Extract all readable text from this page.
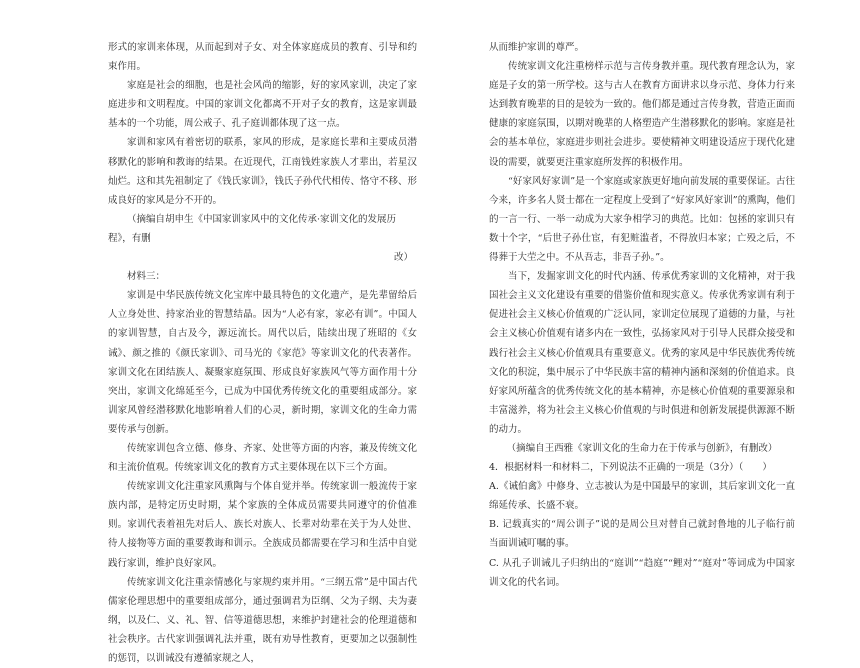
形式的家训来体现，从而起到对子女、对全体家庭成员的教育、引导和约束作用。

家庭是社会的细胞，也是社会风尚的缩影，好的家风家训，决定了家庭进步和文明程度。中国的家训文化都离不开对子女的教育，这是家训最基本的一个功能，周公戒子、孔子庭训都体现了这一点。

家训和家风有着密切的联系，家风的形成，是家庭长辈和主要成员潜移默化的影响和教诲的结果。在近现代，江南钱姓家族人才辈出，若星汉灿烂。这和其先祖制定了《钱氏家训》，钱氏子孙代代相传、恪守不移、形成良好的家风是分不开的。

（摘编自胡申生《中国家训家风中的文化传承·家训文化的发展历程》，有删

改）

材料三：

家训是中华民族传统文化宝库中最具特色的文化遗产，是先辈留给后人立身处世、持家治业的智慧结晶。因为“人必有家，家必有训”。中国人的家训智慧，自古及今，源远流长。周代以后，陆续出现了班昭的《女诫》、颜之推的《颜氏家训》、司马光的《家范》等家训文化的代表著作。家训文化在团结族人、凝聚家庭氛围、形成良好家族风气等方面作用十分突出，家训文化绵延至今，已成为中国优秀传统文化的重要组成部分。家训家风曾经潜移默化地影响着人们的心灵，新时期，家训文化的生命力需要传承与创新。

传统家训包含立德、修身、齐家、处世等方面的内容，兼及传统文化和主流价值观。传统家训文化的教育方式主要体现在以下三个方面。

传统家训文化注重家风熏陶与个体自觉并举。传统家训一般流传于家族内部，是特定历史时期，某个家族的全体成员需要共同遵守的价值准则。家训代表着祖先对后人、族长对族人、长辈对幼辈在关于为人处世、待人接物等方面的重要教诲和训示。全族成员都需要在学习和生活中自觉践行家训，维护良好家风。

传统家训文化注重亲情感化与家规约束并用。“三纲五常”是中国古代儒家伦理思想中的重要组成部分，通过强调君为臣纲、父为子纲、夫为妻纲，以及仁、义、礼、智、信等道德思想，来维护封建社会的伦理道德和社会秩序。古代家训强调礼法并重，既有劝导性教育，更要加之以强制性的惩罚，以训诫没有遵循家规之人，

从而维护家训的尊严。

传统家训文化注重榜样示范与言传身教并重。现代教育理念认为，家庭是子女的第一所学校。这与古人在教育方面讲求以身示范、身体力行来达到教育晚辈的目的是较为一致的。他们都是通过言传身教，营造正面而健康的家庭氛围，以期对晚辈的人格塑造产生潜移默化的影响。家庭是社会的基本单位，家庭进步则社会进步。要使精神文明建设适应于现代化建设的需要，就要更注重家庭所发挥的积极作用。

“好家风好家训”是一个家庭或家族更好地向前发展的重要保证。古往今来，许多名人贤士都在一定程度上受到了“好家风好家训”的熏陶，他们的一言一行、一举一动成为大家争相学习的典范。比如：包拯的家训只有数十个字，“后世子孙仕宦，有犯赃滥者，不得放归本家；亡殁之后，不得葬于大茔之中。不从吾志，非吾子孙。”。

当下，发掘家训文化的时代内涵、传承优秀家训的文化精神，对于我国社会主义文化建设有重要的借鉴价值和现实意义。传承优秀家训有利于促进社会主义核心价值观的广泛认同，家训定位展现了道德的力量，与社会主义核心价值观有诸多内在一致性，弘扬家风对于引导人民群众接受和践行社会主义核心价值观具有重要意义。优秀的家风是中华民族优秀传统文化的积淀，集中展示了中华民族丰富的精神内涵和深刻的价值追求。良好家风所蕴含的优秀传统文化的基本精神，亦是核心价值观的重要源泉和丰富滋养，将为社会主义核心价值观的与时俱进和创新发展提供源源不断的动力。

（摘编自王西雅《家训文化的生命力在于传承与创新》，有删改）

4．根据材料一和材料二，下列说法不正确的一项是（3分）（　　）

A.《诫伯禽》中修身、立志被认为是中国最早的家训，其后家训文化一直绵延传承、长盛不衰。

B. 记载真实的“周公训子”说的是周公旦对替自己就封鲁地的儿子临行前当面训诫叮嘱的事。

C. 从孔子训诫儿子归纳出的“庭训”“趋庭”“鲤对”“庭对”等词成为中国家训文化的代名词。
